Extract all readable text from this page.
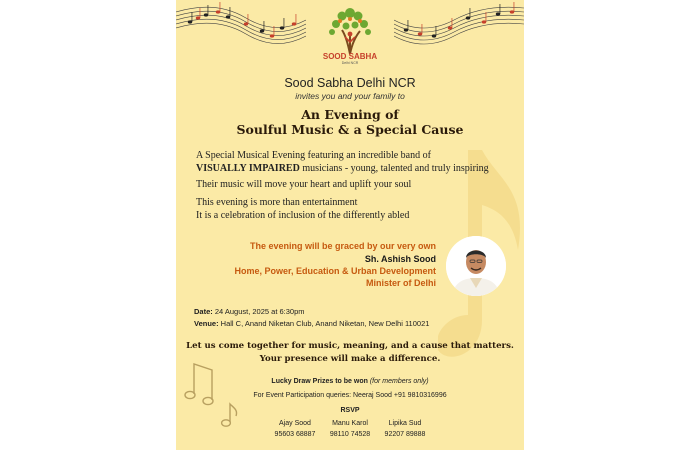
SOOD SABHA
Delhi NCR
Sood Sabha Delhi NCR
invites you and your family to
An Evening of
Soulful Music & a Special Cause
A Special Musical Evening featuring an incredible band of
VISUALLY IMPAIRED musicians - young, talented and truly inspiring
Their music will move your heart and uplift your soul
This evening is more than entertainment
It is a celebration of inclusion of the differently abled
The evening will be graced by our very own
Sh. Ashish Sood
Home, Power, Education & Urban Development
Minister of Delhi
Date: 24 August, 2025 at 6:30pm
Venue: Hall C, Anand Niketan Club, Anand Niketan, New Delhi 110021
Let us come together for music, meaning, and a cause that matters.
Your presence will make a difference.
Lucky Draw Prizes to be won (for members only)
For Event Participation queries: Neeraj Sood +91 9810316996
RSVP
Ajay Sood
95603 68887
Manu Karol
98110 74528
Lipika Sud
92207 89888
